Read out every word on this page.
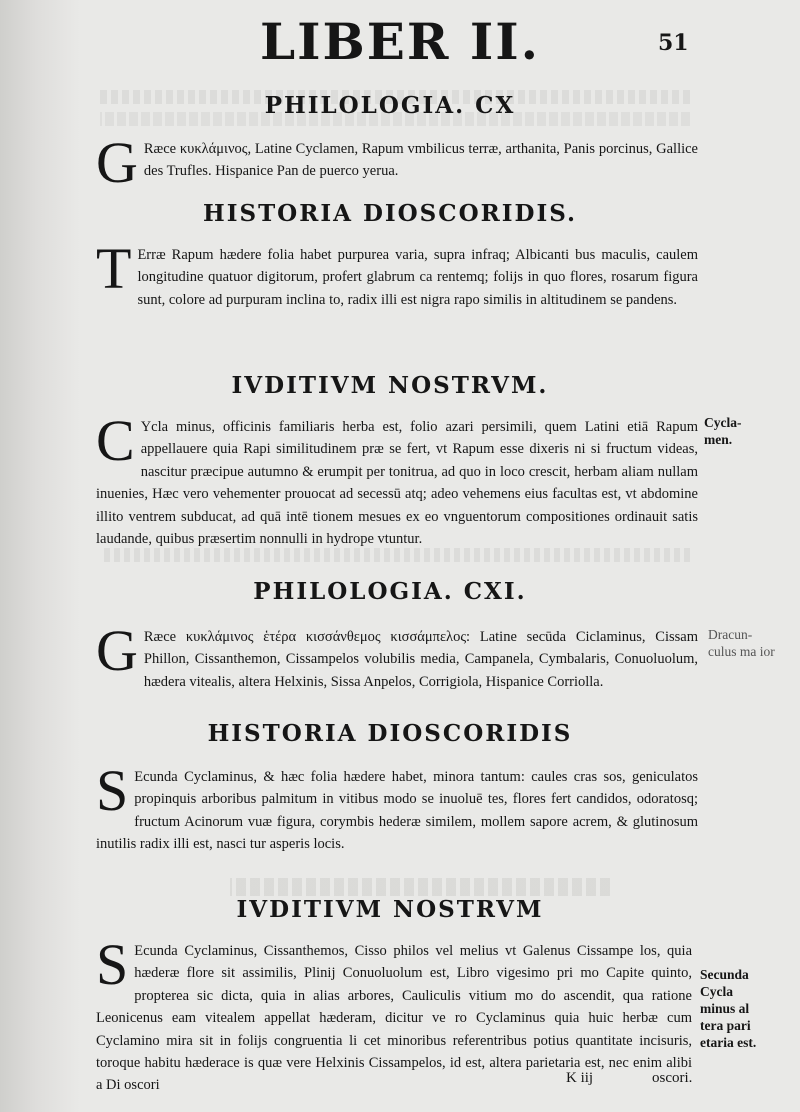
LIBER II.	51
PHILOLOGIA. CX

G Ræce κυκλάμινος, Latine Cyclamen, Rapum vmbilicus terræ, arthanita, Panis porcinus, Gallice des Trufles. Hispanice Pan de puerco yerua.

HISTORIA DIOSCORIDIS.

T Erræ Rapum hædere folia habet purpurea varia, supra infraq; Albicanti bus maculis, caulem longitudine quatuor digitorum, profert glabrum ca rentemq; folijs in quo flores, rosarum figura sunt, colore ad purpuram inclina to, radix illi est nigra rapo similis in altitudinem se pandens.

IVDITIVM NOSTRVM.

C Ycla minus, officinis familiaris herba est, folio azari persimili, quem Latini etiā Rapum appellauere quia Rapi similitudinem præ se fert, vt Rapum esse dixeris ni si fructum videas, nascitur præcipue autumno & erumpit per tonitrua, ad quo in loco crescit, herbam aliam nullam inuenies, Hæc vero vehementer prouocat ad secessū atq; adeo vehemens eius facultas est, vt abdomine illito ventrem subducat, ad quā intē tionem mesues ex eo vnguentorum compositiones ordinauit satis laudande, quibus præsertim nonnulli in hydrope vtuntur.

Cycla- men.
PHILOLOGIA. CXI.

G Ræce κυκλάμινος ἑτέρα κισσάνθεμος κισσάμπελος: Latine secūda Ciclaminus, Cissam Phillon, Cissanthemon, Cissampelos volubilis media, Campanela, Cymbalaris, Conuoluolum, hædera vitealis, altera Helxinis, Sissa Anpelos, Corrigiola, Hispanice Corriolla.

Dracun- culus ma ior
HISTORIA DIOSCORIDIS

S Ecunda Cyclaminus, & hæc folia hædere habet, minora tantum: caules cras sos, geniculatos propinquis arboribus palmitum in vitibus modo se inuoluē tes, flores fert candidos, odoratosq; fructum Acinorum vuæ figura, corymbis hederæ similem, mollem sapore acrem, & glutinosum inutilis radix illi est, nasci tur asperis locis.

IVDITIVM NOSTRVM

S Ecunda Cyclaminus, Cissanthemos, Cisso philos vel melius vt Galenus Cissampe los, quia hæderæ flore sit assimilis, Plinij Conuoluolum est, Libro vigesimo pri mo Capite quinto, propterea sic dicta, quia in alias arbores, Cauliculis vitium mo do ascendit, qua ratione Leonicenus eam vitealem appellat hæderam, dicitur ve ro Cyclaminus quia huic herbæ cum Cyclamino mira sit in folijs congruentia li cet minoribus referentribus potius quantitate incisuris, toroque habitu hæderace is quæ vere Helxinis Cissampelos, id est, altera parietaria est, nec enim alibi a Di oscori

Secunda Cycla minus al tera pari etaria est.
K iij	oscori.
